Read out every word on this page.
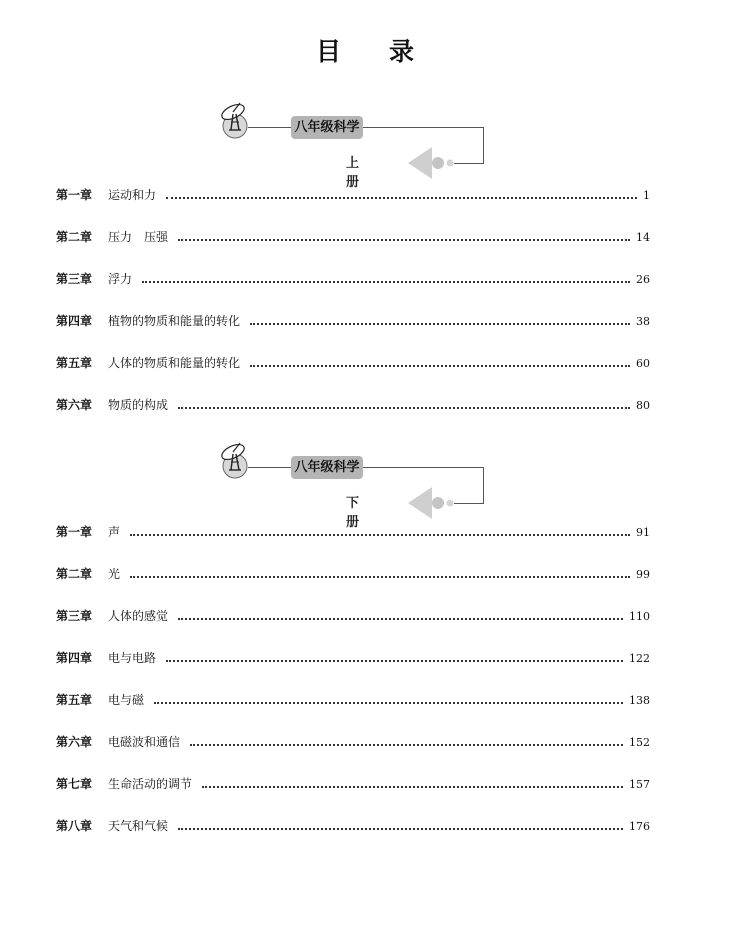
目 录
八年级科学
上册
第一章	运动和力	1
第二章	压力　压强	14
第三章	浮力	26
第四章	植物的物质和能量的转化	38
第五章	人体的物质和能量的转化	60
第六章	物质的构成	80
八年级科学
下册
第一章	声	91
第二章	光	99
第三章	人体的感觉	110
第四章	电与电路	122
第五章	电与磁	138
第六章	电磁波和通信	152
第七章	生命活动的调节	157
第八章	天气和气候	176
